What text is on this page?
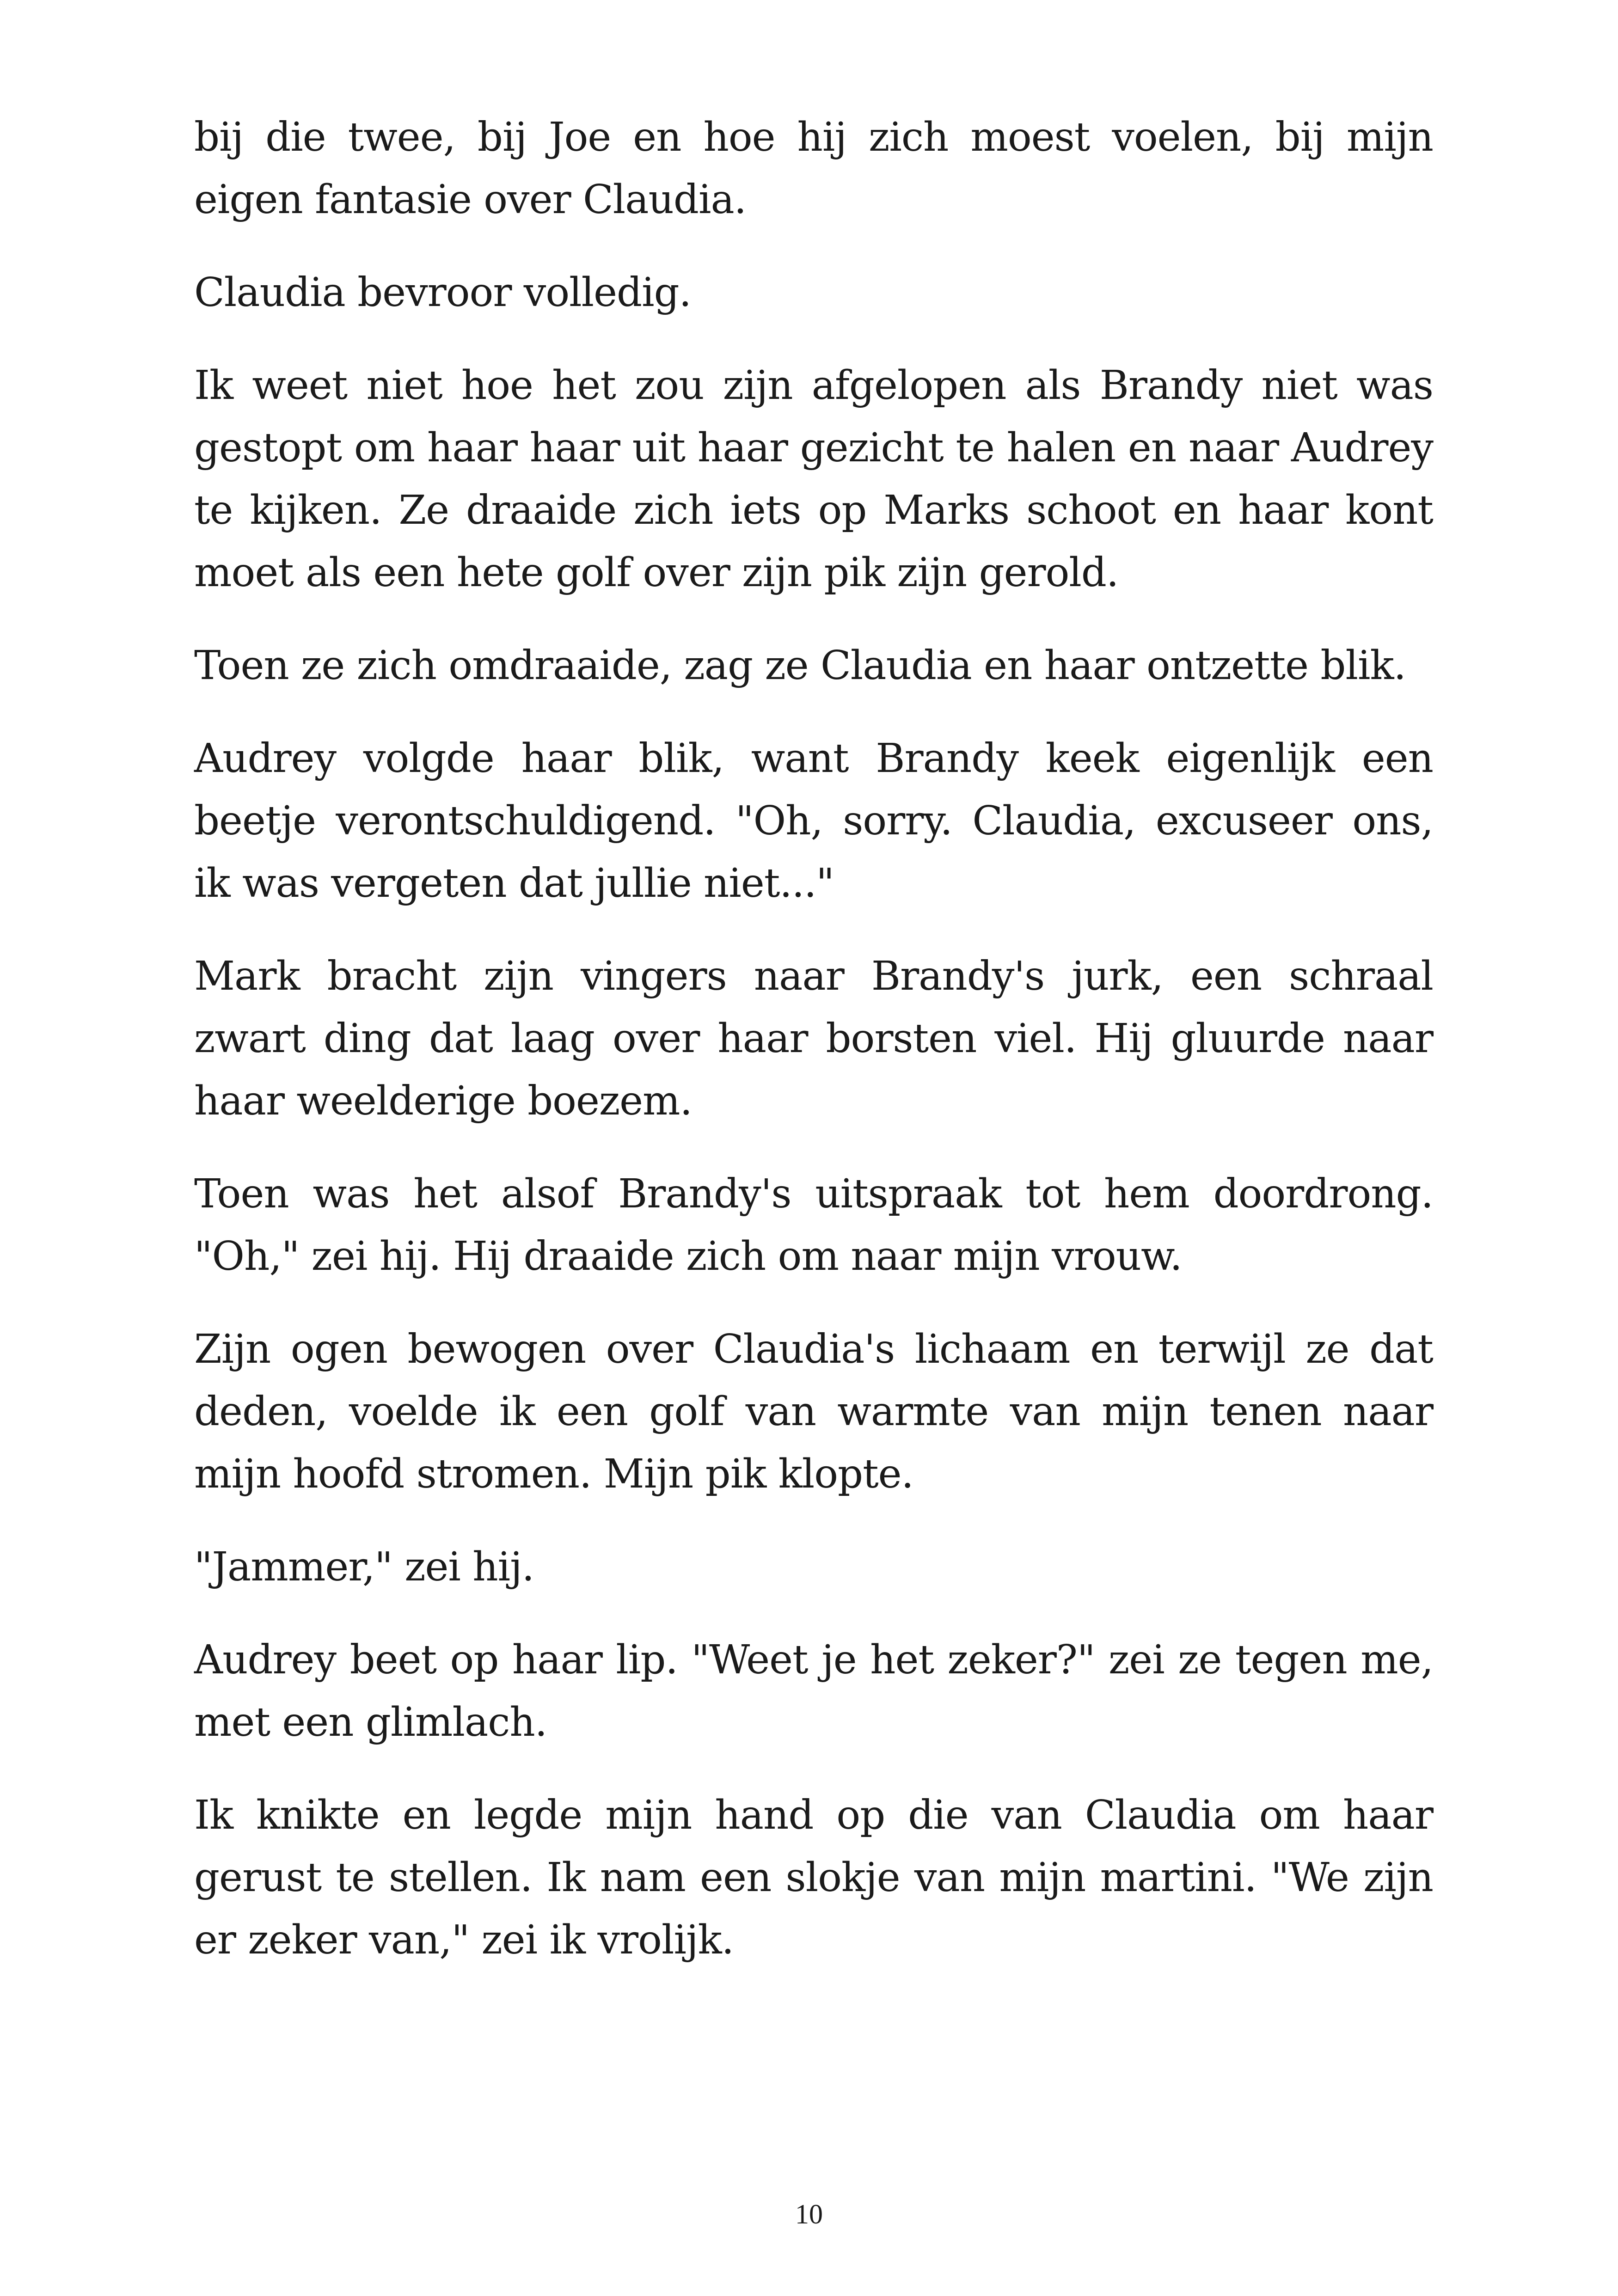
bij die twee, bij Joe en hoe hij zich moest voelen, bij mijn eigen fantasie over Claudia.

Claudia bevroor volledig.

Ik weet niet hoe het zou zijn afgelopen als Brandy niet was gestopt om haar haar uit haar gezicht te halen en naar Audrey te kijken. Ze draaide zich iets op Marks schoot en haar kont moet als een hete golf over zijn pik zijn gerold.

Toen ze zich omdraaide, zag ze Claudia en haar ontzette blik.

Audrey volgde haar blik, want Brandy keek eigenlijk een beetje verontschuldigend. "Oh, sorry. Claudia, excuseer ons, ik was vergeten dat jullie niet..."

Mark bracht zijn vingers naar Brandy's jurk, een schraal zwart ding dat laag over haar borsten viel. Hij gluurde naar haar weelderige boezem.

Toen was het alsof Brandy's uitspraak tot hem doordrong. "Oh," zei hij. Hij draaide zich om naar mijn vrouw.

Zijn ogen bewogen over Claudia's lichaam en terwijl ze dat deden, voelde ik een golf van warmte van mijn tenen naar mijn hoofd stromen. Mijn pik klopte.

"Jammer," zei hij.

Audrey beet op haar lip. "Weet je het zeker?" zei ze tegen me, met een glimlach.

Ik knikte en legde mijn hand op die van Claudia om haar gerust te stellen. Ik nam een slokje van mijn martini. "We zijn er zeker van," zei ik vrolijk.

10
